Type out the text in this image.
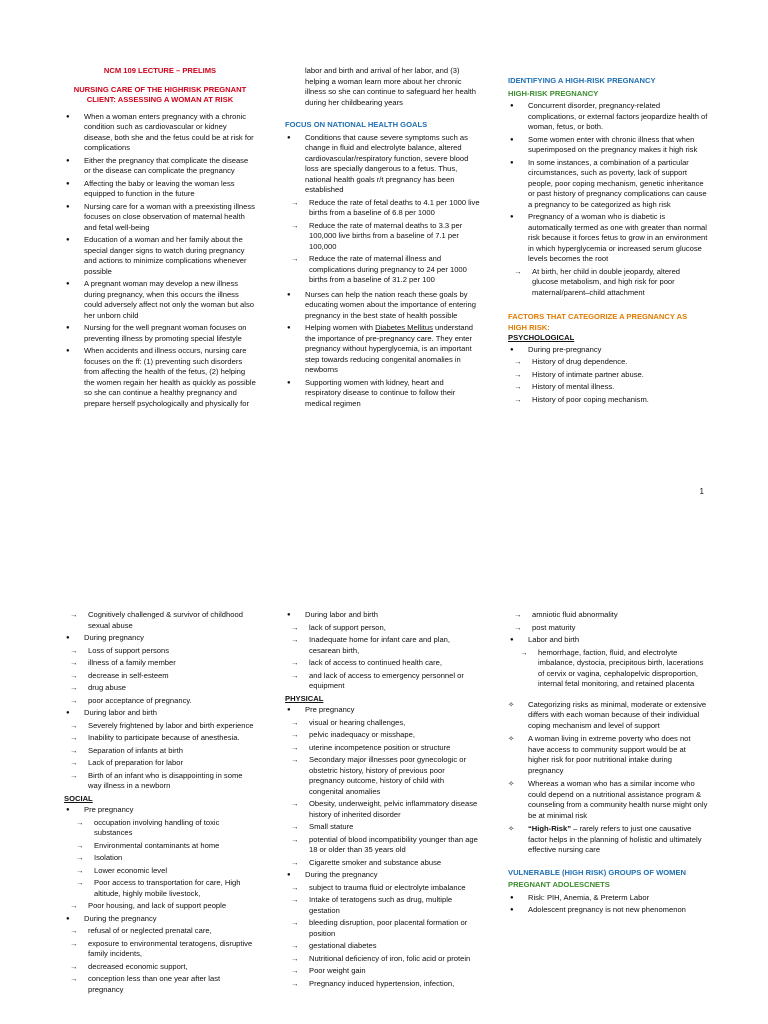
NCM 109 LECTURE – PRELIMS
NURSING CARE OF THE HIGHRISK PREGNANT CLIENT: ASSESSING A WOMAN AT RISK
● When a woman enters pregnancy with a chronic condition such as cardiovascular or kidney disease, both she and the fetus could be at risk for complications
● Either the pregnancy that complicate the disease or the disease can complicate the pregnancy
● Affecting the baby or leaving the woman less equipped to function in the future
● Nursing care for a woman with a preexisting illness focuses on close observation of maternal health and fetal well-being
● Education of a woman and her family about the special danger signs to watch during pregnancy and actions to minimize complications whenever possible
● A pregnant woman may develop a new illness during pregnancy, when this occurs the illness could adversely affect not only the woman but also her unborn child
● Nursing for the well pregnant woman focuses on preventing illness by promoting special lifestyle
● When accidents and illness occurs, nursing care focuses on the ff: (1) preventing such disorders from affecting the health of the fetus, (2) helping the women regain her health as quickly as possible so she can continue a healthy pregnancy and prepare herself psychologically and physically for
labor and birth and arrival of her labor, and (3) helping a woman learn more about her chronic illness so she can continue to safeguard her health during her childbearing years
FOCUS ON NATIONAL HEALTH GOALS
● Conditions that cause severe symptoms such as change in fluid and electrolyte balance, altered cardiovascular/respiratory function, severe blood loss are specially dangerous to a fetus. Thus, national health goals r/t pregnancy has been established
→ Reduce the rate of fetal deaths to 4.1 per 1000 live births from a baseline of 6.8 per 1000
→ Reduce the rate of maternal deaths to 3.3 per 100,000 live births from a baseline of 7.1 per 100,000
→ Reduce the rate of maternal illness and complications during pregnancy to 24 per 1000 births from a baseline of 31.2 per 100
● Nurses can help the nation reach these goals by educating women about the importance of entering pregnancy in the best state of health possible
● Helping women with Diabetes Mellitus understand the importance of pre-pregnancy care. They enter pregnancy without hyperglycemia, is an important step towards reducing congenital anomalies in newborns
● Supporting women with kidney, heart and respiratory disease to continue to follow their medical regimen
IDENTIFYING A HIGH-RISK PREGNANCY
HIGH-RISK PREGNANCY
● Concurrent disorder, pregnancy-related complications, or external factors jeopardize health of woman, fetus, or both.
● Some women enter with chronic illness that when superimposed on the pregnancy makes it high risk
● In some instances, a combination of a particular circumstances, such as poverty, lack of support people, poor coping mechanism, genetic inheritance or past history of pregnancy complications can cause a pregnancy to be categorized as high risk
● Pregnancy of a woman who is diabetic is automatically termed as one with greater than normal risk because it forces fetus to grow in an environment in which hyperglycemia or increased serum glucose levels becomes the root
→ At birth, her child in double jeopardy, altered glucose metabolism, and high risk for poor maternal/parent–child attachment
FACTORS THAT CATEGORIZE A PREGNANCY AS HIGH RISK:
PSYCHOLOGICAL
● During pre-pregnancy
→ History of drug dependence.
→ History of intimate partner abuse.
→ History of mental illness.
→ History of poor coping mechanism.
1
→ Cognitively challenged & survivor of childhood sexual abuse
● During pregnancy
→ Loss of support persons
→ illness of a family member
→ decrease in self-esteem
→ drug abuse
→ poor acceptance of pregnancy.
● During labor and birth
→ Severely frightened by labor and birth experience
→ Inability to participate because of anesthesia.
→ Separation of infants at birth
→ Lack of preparation for labor
→ Birth of an infant who is disappointing in some way illness in a newborn
SOCIAL
● Pre pregnancy
→ occupation involving handling of toxic substances
→ Environmental contaminants at home
→ Isolation
→ Lower economic level
→ Poor access to transportation for care, High altitude, highly mobile livestock,
→ Poor housing, and lack of support people
● During the pregnancy
→ refusal of or neglected prenatal care,
→ exposure to environmental teratogens, disruptive family incidents,
→ decreased economic support,
→ conception less than one year after last pregnancy
● During labor and birth
→ lack of support person,
→ Inadequate home for infant care and plan, cesarean birth,
→ lack of access to continued health care,
→ and lack of access to emergency personnel or equipment
PHYSICAL
● Pre pregnancy
→ visual or hearing challenges,
→ pelvic inadequacy or misshape,
→ uterine incompetence position or structure
→ Secondary major illnesses poor gynecologic or obstetric history, history of previous poor pregnancy outcome, history of child with congenital anomalies
→ Obesity, underweight, pelvic inflammatory disease history of inherited disorder
→ Small stature
→ potential of blood incompatibility younger than age 18 or older than 35 years old
→ Cigarette smoker and substance abuse
● During the pregnancy
→ subject to trauma fluid or electrolyte imbalance
→ Intake of teratogens such as drug, multiple gestation
→ bleeding disruption, poor placental formation or position
→ gestational diabetes
→ Nutritional deficiency of iron, folic acid or protein
→ Poor weight gain
→ Pregnancy induced hypertension, infection,
→ amniotic fluid abnormality
→ post maturity
● Labor and birth
→ hemorrhage, faction, fluid, and electrolyte imbalance, dystocia, precipitous birth, lacerations of cervix or vagina, cephalopelvic disproportion, internal fetal monitoring, and retained placenta
✧ Categorizing risks as minimal, moderate or extensive differs with each woman because of their individual coping mechanism and level of support
✧ A woman living in extreme poverty who does not have access to community support would be at higher risk for poor nutritional intake during pregnancy
✧ Whereas a woman who has a similar income who could depend on a nutritional assistance program & counseling from a community health nurse might only be at minimal risk
✧ “High-Risk” – rarely refers to just one causative factor helps in the planning of holistic and ultimately effective nursing care
VULNERABLE (HIGH RISK) GROUPS OF WOMEN
PREGNANT ADOLESCNETS
● Risk: PIH, Anemia, & Preterm Labor
● Adolescent pregnancy is not new phenomenon
